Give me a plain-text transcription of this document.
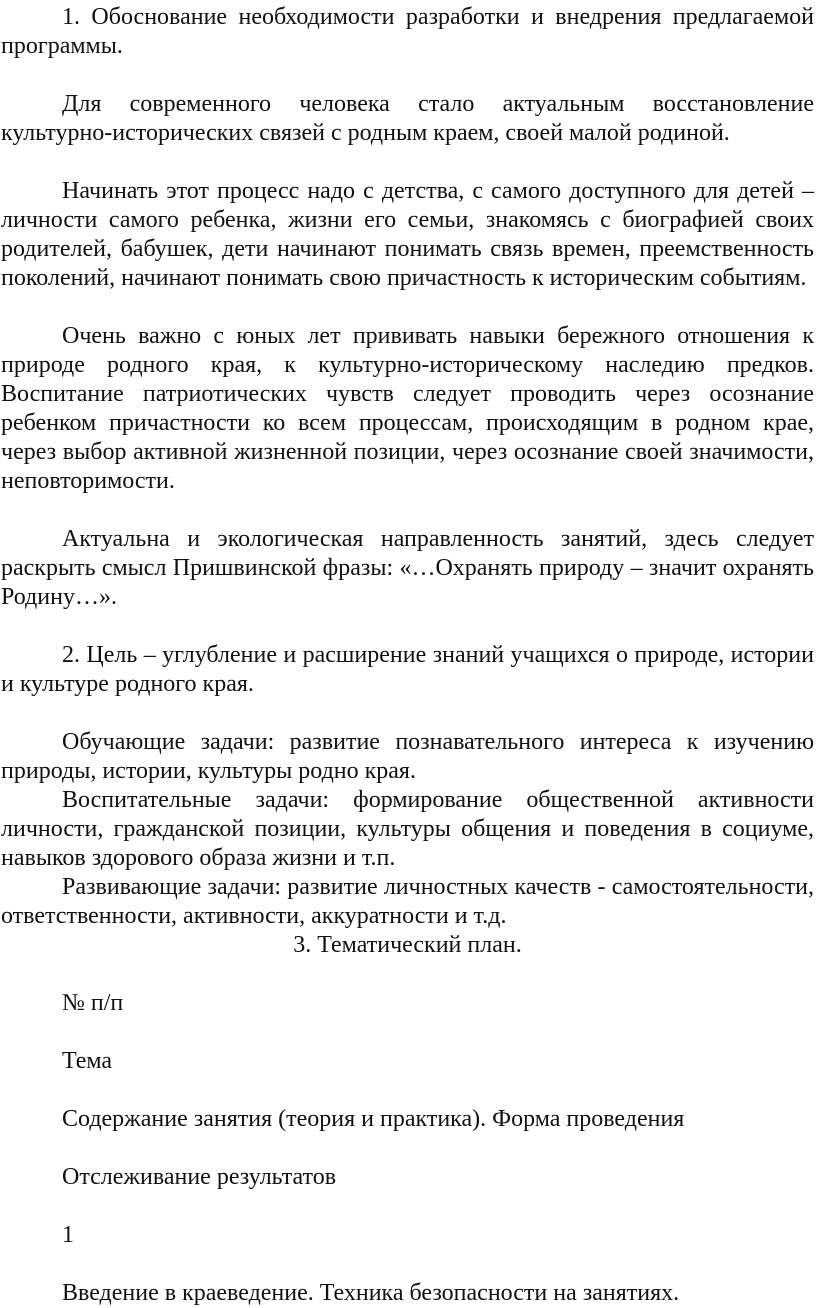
1. Обоснование необходимости разработки и внедрения предлагаемой программы.

Для современного человека стало актуальным восстановление культурно-исторических связей с родным краем, своей малой родиной.

Начинать этот процесс надо с детства, с самого доступного для детей – личности самого ребенка, жизни его семьи, знакомясь с биографией своих родителей, бабушек, дети начинают понимать связь времен, преемственность поколений, начинают понимать свою причастность к историческим событиям.

Очень важно с юных лет прививать навыки бережного отношения к природе родного края, к культурно-историческому наследию предков. Воспитание патриотических чувств следует проводить через осознание ребенком причастности ко всем процессам, происходящим в родном крае, через выбор активной жизненной позиции, через осознание своей значимости, неповторимости.

Актуальна и экологическая направленность занятий, здесь следует раскрыть смысл Пришвинской фразы: «…Охранять природу – значит охранять Родину…».

2. Цель – углубление и расширение знаний учащихся о природе, истории и культуре родного края.

Обучающие задачи: развитие познавательного интереса к изучению природы, истории, культуры родно края.

Воспитательные задачи: формирование общественной активности личности, гражданской позиции, культуры общения и поведения в социуме, навыков здорового образа жизни и т.п.

Развивающие задачи: развитие личностных качеств - самостоятельности, ответственности, активности, аккуратности и т.д.

3. Тематический план.

№ п/п

Тема

Содержание занятия (теория и практика). Форма проведения

Отслеживание результатов

1

Введение в краеведение. Техника безопасности на занятиях.
